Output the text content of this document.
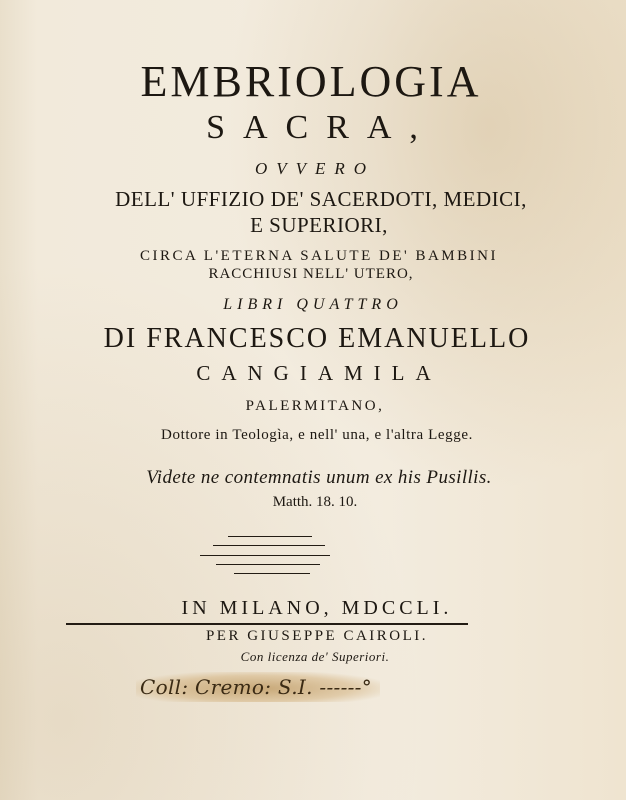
EMBRIOLOGIA
SACRA,
OVVERO
DELL' UFFIZIO DE' SACERDOTI, MEDICI,
E SUPERIORI,
CIRCA L'ETERNA SALUTE DE' BAMBINI
RACCHIUSI NELL' UTERO,
LIBRI QUATTRO
DI FRANCESCO EMANUELLO
CANGIAMILA
PALERMITANO,
Dottore in Teologìa, e nell' una, e l'altra Legge.
Videte ne contemnatis unum ex his Pusillis.
Matth. 18. 10.
IN MILANO, MDCCLI.
PER GIUSEPPE CAIROLI.
Con licenza de' Superiori.
Coll: Cremo: S.I. ------°
